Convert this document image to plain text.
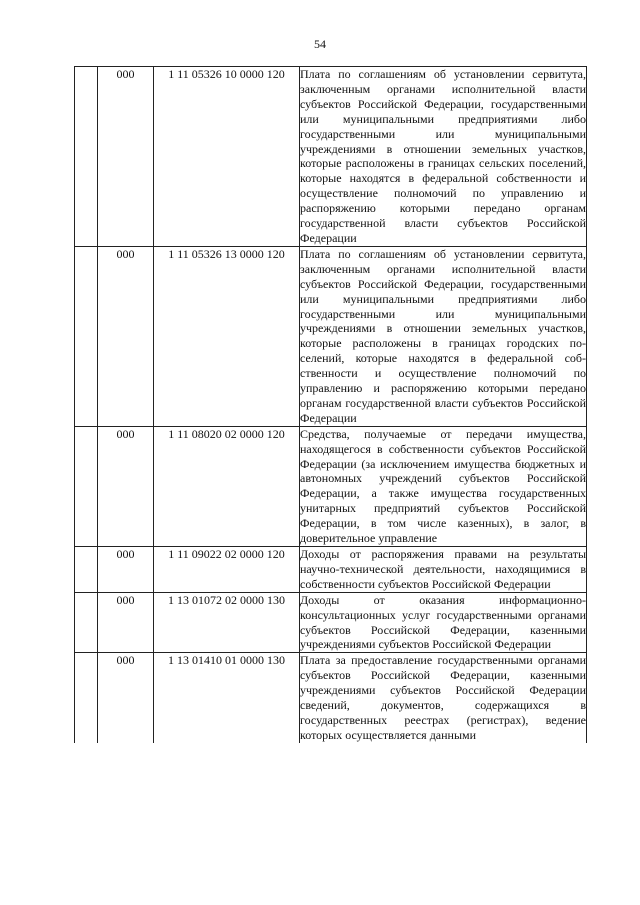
54
	000	1 11 05326 10 0000 120	Плата по соглашениям об установлении сервитута, заключенным органами исполнительной власти субъектов Российской Федерации, государственными или муниципальными предприятиями либо государственными или муниципальными учреждениями в отношении земельных участков, которые расположены в границах сельских поселений, которые находятся в федеральной собственности и осуществление полномочий по управлению и распоряжению которыми передано органам государственной власти субъектов Российской Федерации
	000	1 11 05326 13 0000 120	Плата по соглашениям об установлении сервитута, заключенным органами исполнительной власти субъектов Российской Федерации, государственными или муниципальными предприятиями либо государственными или муниципальными учреждениями в отношении земельных участков, которые расположены в границах городских поселений, которые находятся в федеральной собственности и осуществление полномочий по управлению и распоряжению которыми передано органам государственной власти субъектов Российской Федерации
	000	1 11 08020 02 0000 120	Средства, получаемые от передачи имущества, находящегося в собственности субъектов Российской Федерации (за исключением имущества бюджетных и автономных учреждений субъектов Российской Федерации, а также имущества государственных унитарных предприятий субъектов Российской Федерации, в том числе казенных), в залог, в доверительное управление
	000	1 11 09022 02 0000 120	Доходы от распоряжения правами на результаты научно-технической деятельности, находящимися в собственности субъектов Российской Федерации
	000	1 13 01072 02 0000 130	Доходы от оказания информационно-консультационных услуг государственными органами субъектов Российской Федерации, казенными учреждениями субъектов Российской Федерации
	000	1 13 01410 01 0000 130	Плата за предоставление государственными органами субъектов Российской Федерации, казенными учреждениями субъектов Российской Федерации сведений, документов, содержащихся в государственных реестрах (регистрах), ведение которых осуществляется данными
